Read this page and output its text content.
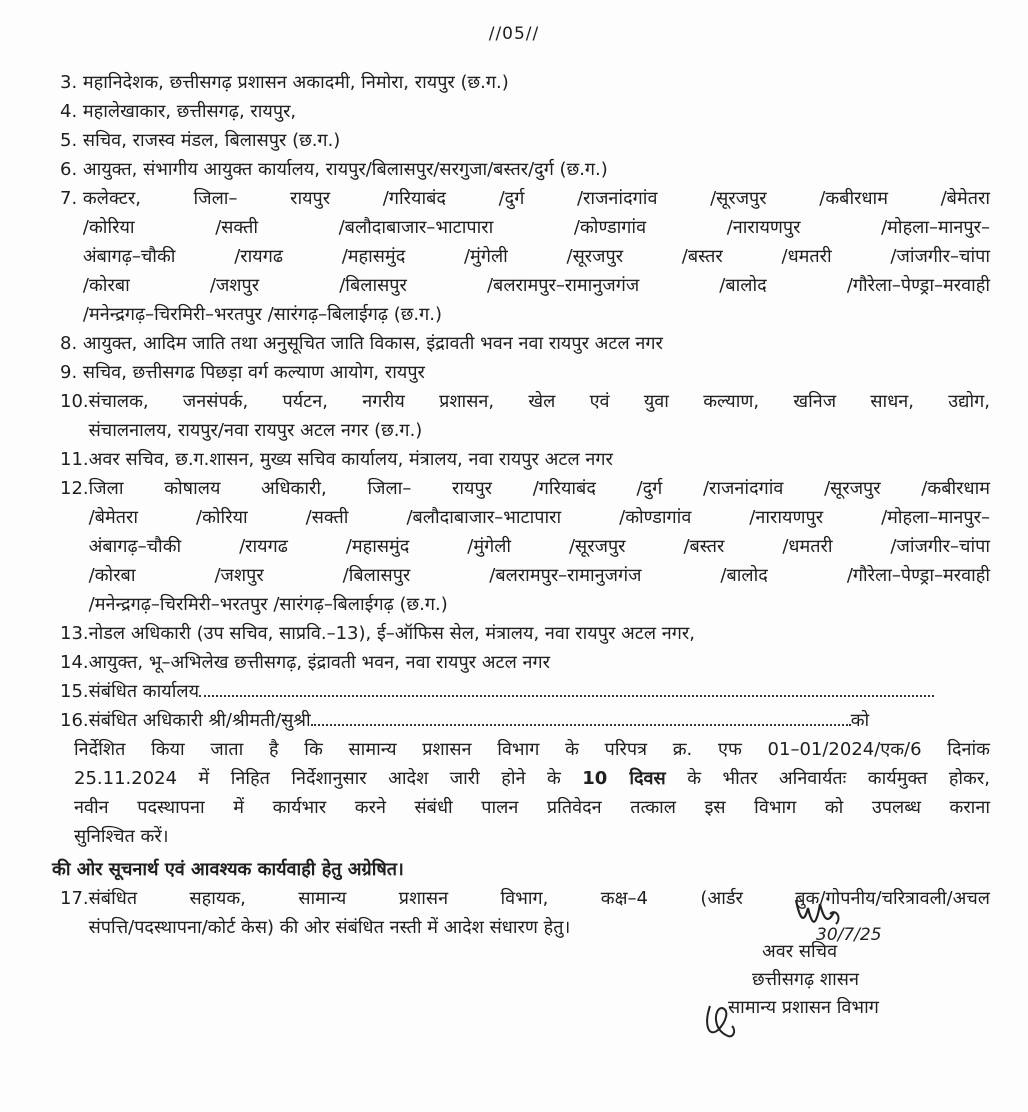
//05//
3.
महानिदेशक, छत्तीसगढ़ प्रशासन अकादमी, निमोरा, रायपुर (छ.ग.)
4.
महालेखाकार, छत्तीसगढ़, रायपुर,
5.
सचिव, राजस्व मंडल, बिलासपुर (छ.ग.)
6.
आयुक्त, संभागीय आयुक्त कार्यालय, रायपुर/बिलासपुर/सरगुजा/बस्तर/दुर्ग (छ.ग.)
7.
कलेक्टर, जिला– रायपुर /गरियाबंद /दुर्ग /राजनांदगांव /सूरजपुर /कबीरधाम /बेमेतरा
/कोरिया /सक्ती /बलौदाबाजार–भाटापारा /कोण्डागांव /नारायणपुर /मोहला–मानपुर–
अंबागढ़–चौकी /रायगढ /महासमुंद /मुंगेली /सूरजपुर /बस्तर /धमतरी /जांजगीर–चांपा
/कोरबा /जशपुर /बिलासपुर /बलरामपुर–रामानुजगंज /बालोद /गौरेला–पेण्ड्रा–मरवाही
/मनेन्द्रगढ़–चिरमिरी–भरतपुर /सारंगढ़–बिलाईगढ़ (छ.ग.)
8.
आयुक्त, आदिम जाति तथा अनुसूचित जाति विकास, इंद्रावती भवन नवा रायपुर अटल नगर
9.
सचिव, छत्तीसगढ पिछड़ा वर्ग कल्याण आयोग, रायपुर
10. संचालक, जनसंपर्क, पर्यटन, नगरीय प्रशासन, खेल एवं युवा कल्याण, खनिज साधन, उद्योग,
संचालनालय, रायपुर/नवा रायपुर अटल नगर (छ.ग.)
11. अवर सचिव, छ.ग.शासन, मुख्य सचिव कार्यालय, मंत्रालय, नवा रायपुर अटल नगर
12. जिला कोषालय अधिकारी, जिला– रायपुर /गरियाबंद /दुर्ग /राजनांदगांव /सूरजपुर /कबीरधाम
/बेमेतरा /कोरिया /सक्ती /बलौदाबाजार–भाटापारा /कोण्डागांव /नारायणपुर /मोहला–मानपुर–
अंबागढ़–चौकी /रायगढ /महासमुंद /मुंगेली /सूरजपुर /बस्तर /धमतरी /जांजगीर–चांपा
/कोरबा /जशपुर /बिलासपुर /बलरामपुर–रामानुजगंज /बालोद /गौरेला–पेण्ड्रा–मरवाही
/मनेन्द्रगढ़–चिरमिरी–भरतपुर /सारंगढ़–बिलाईगढ़ (छ.ग.)
13. नोडल अधिकारी (उप सचिव, साप्रवि.–13), ई–ऑफिस सेल, मंत्रालय, नवा रायपुर अटल नगर,
14. आयुक्त, भू–अभिलेख छत्तीसगढ़, इंद्रावती भवन, नवा रायपुर अटल नगर
15. संबंधित कार्यालय
16. संबंधित अधिकारी श्री/श्रीमती/सुश्री	को
निर्देशित किया जाता है कि सामान्य प्रशासन विभाग के परिपत्र क्र. एफ 01–01/2024/एक/6 दिनांक
25.11.2024 में निहित निर्देशानुसार आदेश जारी होने के 10 दिवस के भीतर अनिवार्यतः कार्यमुक्त होकर,
नवीन पदस्थापना में कार्यभार करने संबंधी पालन प्रतिवेदन तत्काल इस विभाग को उपलब्ध कराना
सुनिश्चित करें।
की ओर सूचनार्थ एवं आवश्यक कार्यवाही हेतु अग्रेषित।
17. संबंधित सहायक, सामान्य प्रशासन विभाग, कक्ष–4 (आर्डर बुक/गोपनीय/चरित्रावली/अचल
संपत्ति/पदस्थापना/कोर्ट केस) की ओर संबंधित नस्ती में आदेश संधारण हेतु।	30/7/25
अवर सचिव
छत्तीसगढ़ शासन
सामान्य प्रशासन विभाग
